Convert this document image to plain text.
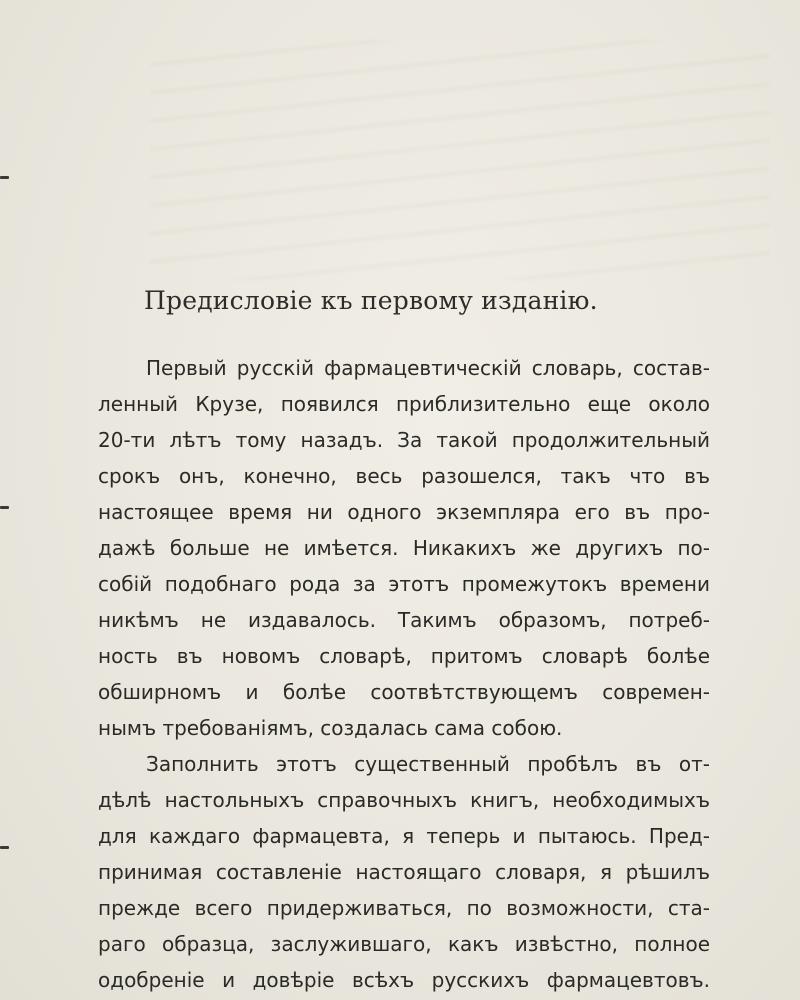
Предисловіе къ первому изданію.
Первый русскій фармацевтическій словарь, состав-
ленный Крузе, появился приблизительно еще около
20-ти лѣтъ тому назадъ. За такой продолжительный
срокъ онъ, конечно, весь разошелся, такъ что въ
настоящее время ни одного экземпляра его въ про-
дажѣ больше не имѣется. Никакихъ же другихъ по-
собій подобнаго рода за этотъ промежутокъ времени
никѣмъ не издавалось. Такимъ образомъ, потреб-
ность въ новомъ словарѣ, притомъ словарѣ болѣе
обширномъ и болѣе соотвѣтствующемъ современ-
нымъ требованіямъ, создалась сама собою.
Заполнить этотъ существенный пробѣлъ въ от-
дѣлѣ настольныхъ справочныхъ книгъ, необходимыхъ
для каждаго фармацевта, я теперь и пытаюсь. Пред-
принимая составленіе настоящаго словаря, я рѣшилъ
прежде всего придерживаться, по возможности, ста-
раго образца, заслужившаго, какъ извѣстно, полное
одобреніе и довѣріе всѣхъ русскихъ фармацевтовъ.
